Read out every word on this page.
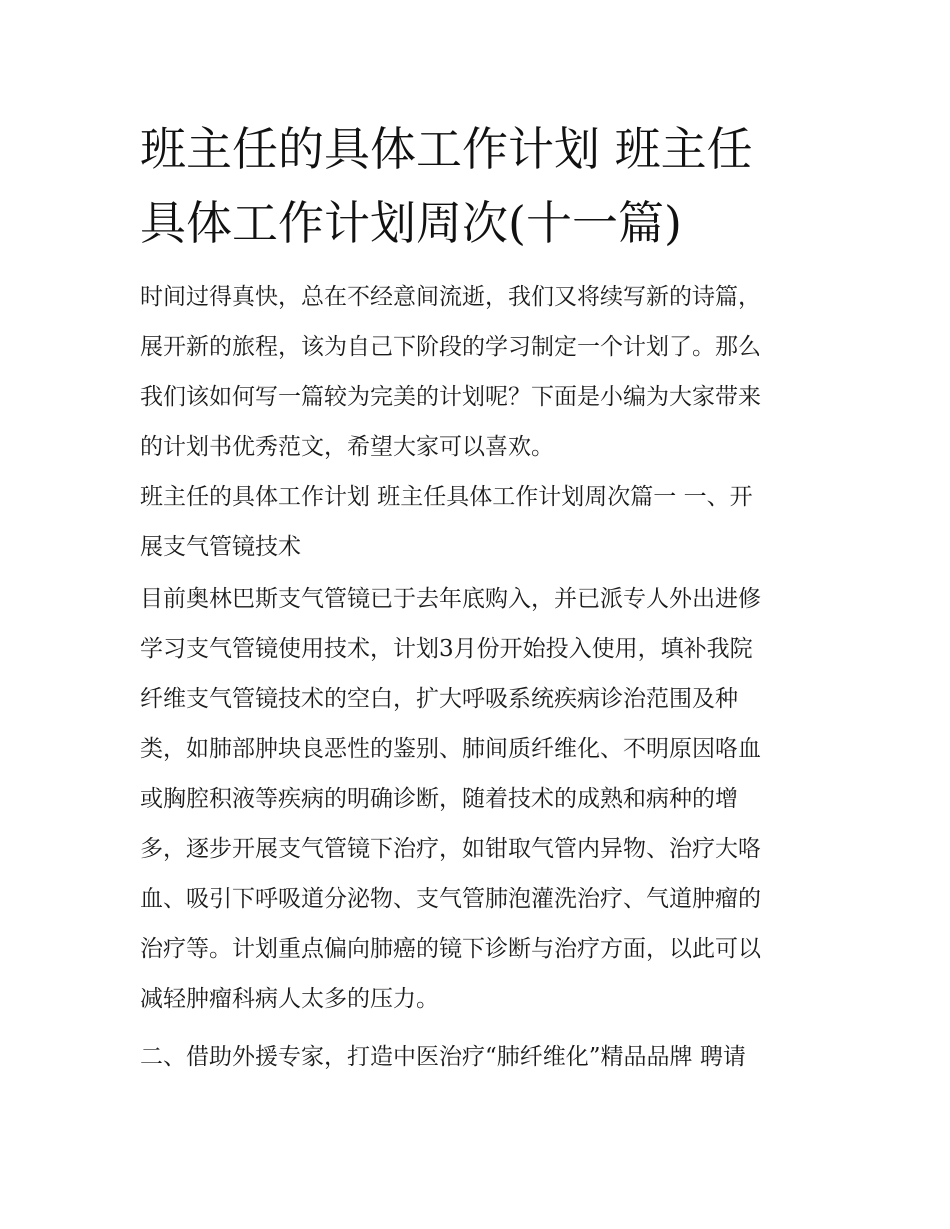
班主任的具体工作计划 班主任
具体工作计划周次(十一篇)

时间过得真快，总在不经意间流逝，我们又将续写新的诗篇，
展开新的旅程，该为自己下阶段的学习制定一个计划了。那么
我们该如何写一篇较为完美的计划呢？下面是小编为大家带来
的计划书优秀范文，希望大家可以喜欢。

班主任的具体工作计划 班主任具体工作计划周次篇一 一、开
展支气管镜技术

目前奥林巴斯支气管镜已于去年底购入，并已派专人外出进修
学习支气管镜使用技术，计划3月份开始投入使用，填补我院
纤维支气管镜技术的空白，扩大呼吸系统疾病诊治范围及种
类，如肺部肿块良恶性的鉴别、肺间质纤维化、不明原因咯血
或胸腔积液等疾病的明确诊断，随着技术的成熟和病种的增
多，逐步开展支气管镜下治疗，如钳取气管内异物、治疗大咯
血、吸引下呼吸道分泌物、支气管肺泡灌洗治疗、气道肿瘤的
治疗等。计划重点偏向肺癌的镜下诊断与治疗方面，以此可以
减轻肿瘤科病人太多的压力。

二、借助外援专家，打造中医治疗“肺纤维化”精品品牌 聘请
